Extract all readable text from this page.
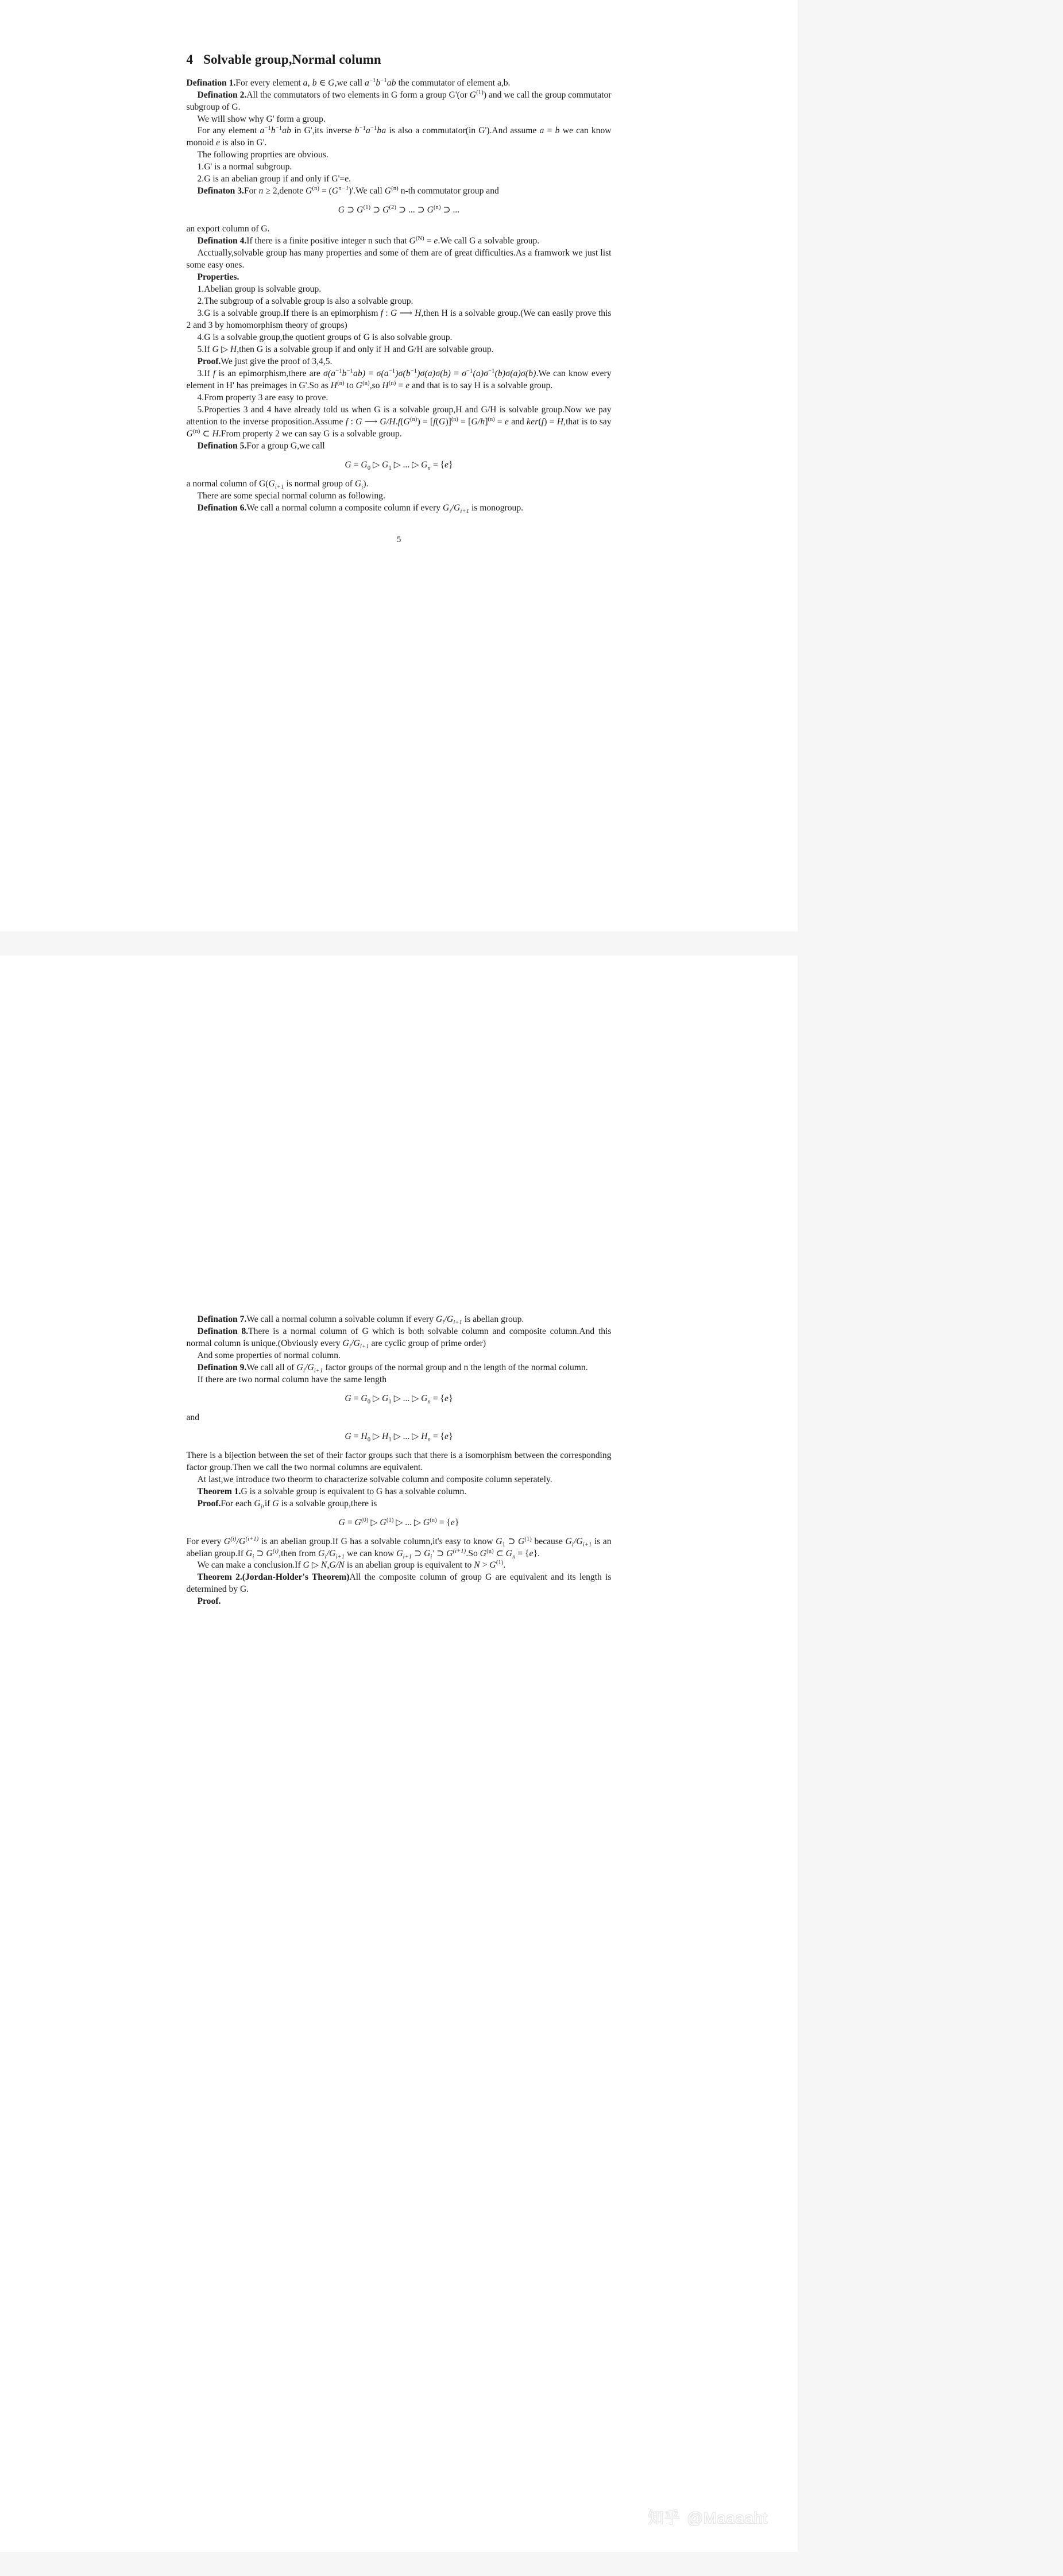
4 Solvable group,Normal column

Defination 1.For every element a, b ∈ G,we call $a^{-1}b^{-1}ab$ the commutator of element a,b.

Defination 2.All the commutators of two elements in G form a group G'(or $G^{(1)}$) and we call the group commutator subgroup of G.

We will show why G' form a group.

For any element $a^{-1}b^{-1}ab$ in G',its inverse $b^{-1}a^{-1}ba$ is also a commutator(in G').And assume a = b we can know monoid e is also in G'.

The following proprties are obvious.

1.G' is a normal subgroup.

2.G is an abelian group if and only if G'=e.

Definaton 3.For n ≥ 2,denote $G^{(n)} = (G^{n-1})'.We$ call $G^{(n)}$ n-th commutator group and

G ⊃ $G^{(1)}$ ⊃ $G^{(2)}$ ⊃ ... ⊃ $G^{(n)}$ ⊃ ...

an export column of G.

Defination 4.If there is a finite positive integer n such that $G^{(N)} = e.We$ call G a solvable group.

Acctually,solvable group has many properties and some of them are of great difficulties.As a framwork we just list some easy ones.

Properties.

1.Abelian group is solvable group.

2.The subgroup of a solvable group is also a solvable group.

3.G is a solvable group.If there is an epimorphism f : G ⟶ H,then H is a solvable group.(We can easily prove this 2 and 3 by homomorphism theory of groups)

4.G is a solvable group,the quotient groups of G is also solvable group.

5.If G ▷ H,then G is a solvable group if and only if H and G/H are solvable group.

Proof.We just give the proof of 3,4,5.

3.If f is an epimorphism,there are $\sigma(a^{-1}b^{-1}ab) = \sigma(a^{-1})\sigma(b^{-1})\sigma(a)\sigma(b) = \sigma^{-1}(a)\sigma^{-1}(b)\sigma(a)\sigma(b).We$ can know every element in H' has preimages in G'.So as $H^{(n)}$ to $G^{(n)},so$ $H^{(n)} = e$ and that is to say H is a solvable group.

4.From property 3 are easy to prove.

5.Properties 3 and 4 have already told us when G is a solvable group,H and G/H is solvable group.Now we pay attention to the inverse proposition.Assume f : G ⟶ $G/H.f(G^{(n)}) = [f(G)]^{(n)} = [G/h]^{(n)} = e$ and ker(f) = H,that is to say $G^{(n)}$ ⊂ H.From property 2 we can say G is a solvable group.

Defination 5.For a group G,we call

$G = G_0$ ▷ $G_1$ ▷ ... ▷ $G_n = \{e\}$

a normal column of $G(G_{i+1}$ is normal group of $G_i$).

There are some special normal column as following.

Defination 6.We call a normal column a composite column if every $G_i/G_{i+1}$ is monogroup.

5

Defination 7.We call a normal column a solvable column if every $G_i/G_{i+1}$ is abelian group.

Defination 8.There is a normal column of G which is both solvable column and composite column.And this normal column is unique.(Obviously every $G_i/G_{i+1}$ are cyclic group of prime order)

And some properties of normal column.

Defination 9.We call all of $G_i/G_{i+1}$ factor groups of the normal group and n the length of the normal column.

If there are two normal column have the same length

$G = G_0$ ▷ $G_1$ ▷ ... ▷ $G_n = \{e\}$

and

$G = H_0$ ▷ $H_1$ ▷ ... ▷ $H_n = \{e\}$

There is a bijection between the set of their factor groups such that there is a isomorphism between the corresponding factor group.Then we call the two normal columns are equivalent.

At last,we introduce two theorm to characterize solvable column and composite column seperately.

Theorem 1.G is a solvable group is equivalent to G has a solvable column.

Proof.For each $G_i,if$ G is a solvable group,there is

$G = G^{(0)}$ ▷ $G^{(1)}$ ▷ ... ▷ $G^{(n)} = \{e\}$

For every $G^{(i)}/G^{(i+1)}$ is an abelian group.If G has a solvable column,it's easy to know $G_1$ ⊃ $G^{(1)}$ because $G_i/G_{i+1}$ is an abelian group.If $G_i$ ⊃ $G^{(i)},then$ from $G_i/G_{i+1}$ we can know $G_{i+1}$ ⊃ $G_i'$ ⊃ $G^{(i+1)}.So$ $G^{(n)}$ ⊂ $G_n = \{e\}$.

We can make a conclusion.If G ▷ N,G/N is an abelian group is equivalent to $N > G^{(1)}$.

Theorem 2.(Jordan-Holder's Theorem)All the composite column of group G are equivalent and its length is determined by G.

Proof.

知乎 @Maaaaht
